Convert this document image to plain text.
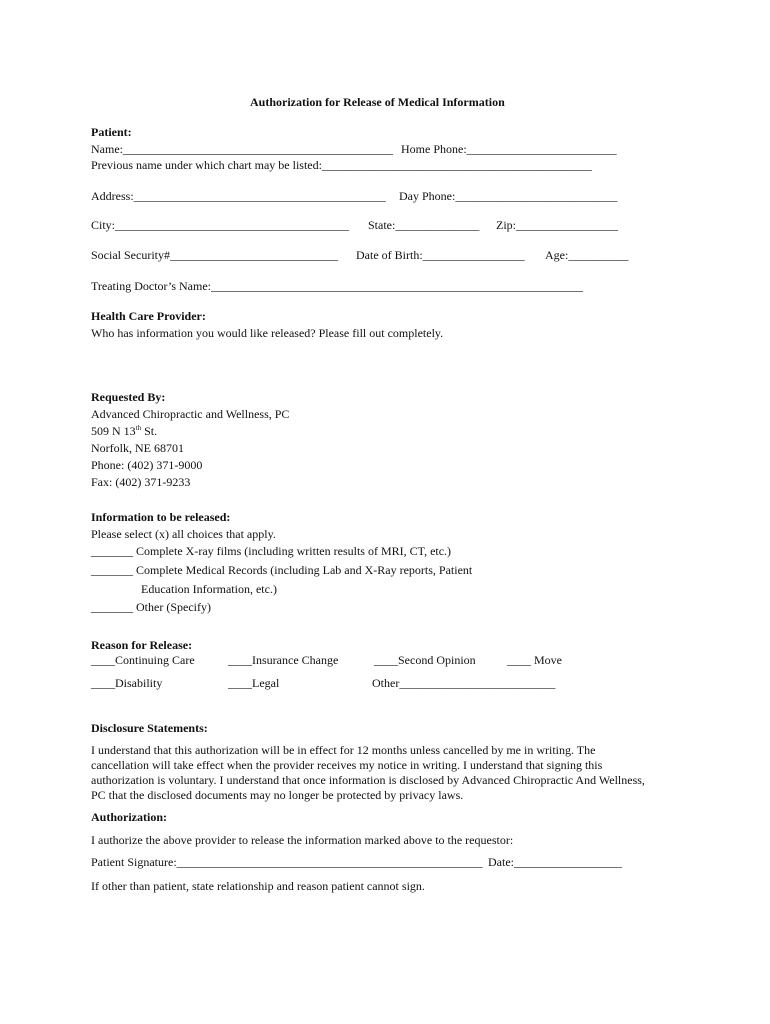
Authorization for Release of Medical Information
Patient:
Name:_____________________________________________ Home Phone:_________________________
Previous name under which chart may be listed:_____________________________________________
Address:__________________________________________ Day Phone:___________________________
City:_______________________________________ State:______________ Zip:_________________
Social Security#____________________________ Date of Birth:_________________ Age:__________
Treating Doctor’s Name:______________________________________________________________
Health Care Provider:
Who has information you would like released? Please fill out completely.
Requested By:
Advanced Chiropractic and Wellness, PC
509 N 13th St.
Norfolk, NE 68701
Phone: (402) 371-9000
Fax: (402) 371-9233
Information to be released:
Please select (x) all choices that apply.
_______ Complete X-ray films (including written results of MRI, CT, etc.)
_______ Complete Medical Records (including Lab and X-Ray reports, Patient
Education Information, etc.)
_______ Other (Specify)
Reason for Release:
____Continuing Care	____Insurance Change	____Second Opinion	____ Move
____Disability	____Legal	Other__________________________
Disclosure Statements:
I understand that this authorization will be in effect for 12 months unless cancelled by me in writing. The
cancellation will take effect when the provider receives my notice in writing. I understand that signing this
authorization is voluntary. I understand that once information is disclosed by Advanced Chiropractic And Wellness,
PC that the disclosed documents may no longer be protected by privacy laws.
Authorization:
I authorize the above provider to release the information marked above to the requestor:
Patient Signature:___________________________________________________ Date:__________________
If other than patient, state relationship and reason patient cannot sign.
